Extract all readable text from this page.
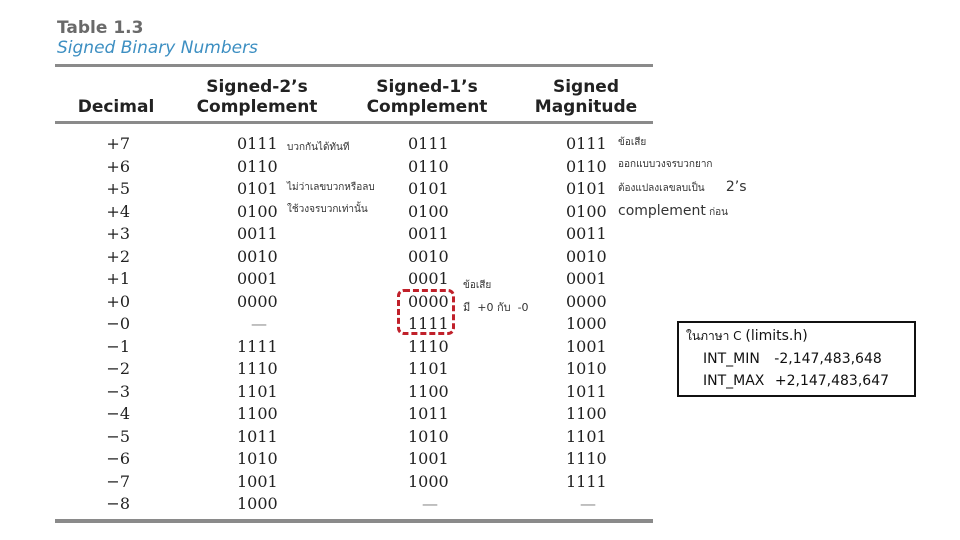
Table 1.3
Signed Binary Numbers
Decimal
Signed-2’s
Complement
Signed-1’s
Complement
Signed
Magnitude
+7
+6
+5
+4
+3
+2
+1
+0
−0
−1
−2
−3
−4
−5
−6
−7
−8
0111
0110
0101
0100
0011
0010
0001
0000
—
1111
1110
1101
1100
1011
1010
1001
1000
0111
0110
0101
0100
0011
0010
0001
0000
1111
1110
1101
1100
1011
1010
1001
1000
—
0111
0110
0101
0100
0011
0010
0001
0000
1000
1001
1010
1011
1100
1101
1110
1111
—
บวกกันได้ทันที
ไม่ว่าเลขบวกหรือลบ
ใช้วงจรบวกเท่านั้น
ข้อเสีย
มี  +0 กับ  -0
ข้อเสีย
ออกแบบวงจรบวกยาก
ต้องแปลงเลขลบเป็น 2’s
complement ก่อน
ในภาษา C (limits.h)
INT_MIN -2,147,483,648
INT_MAX +2,147,483,647
